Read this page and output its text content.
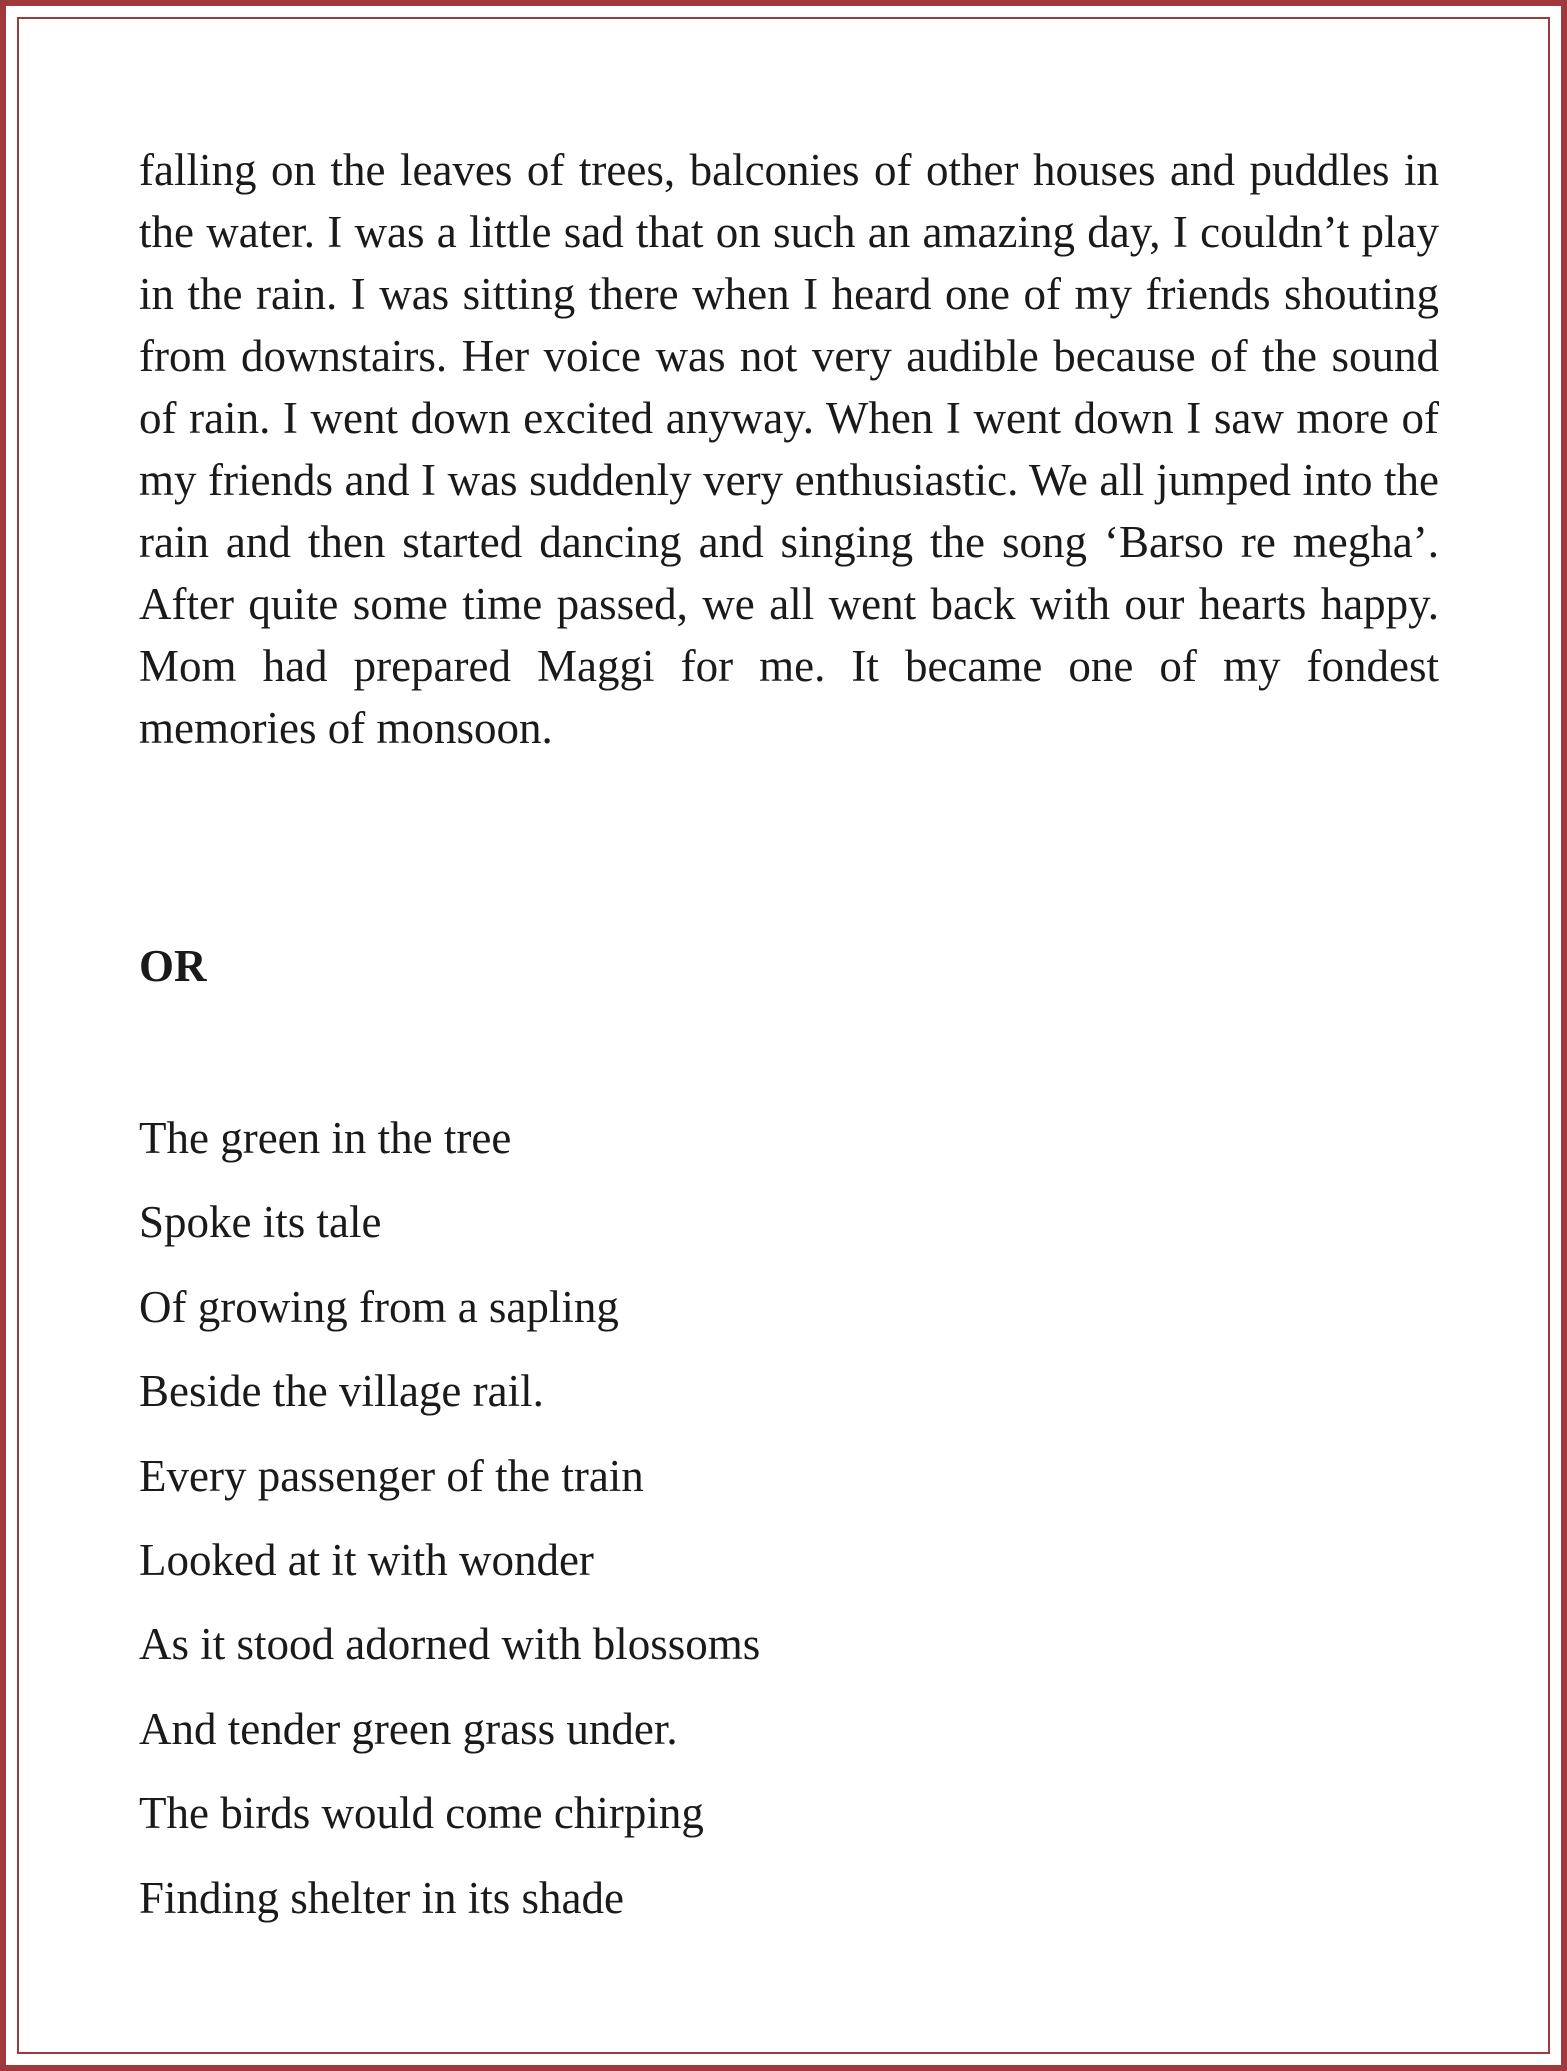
falling on the leaves of trees, balconies of other houses and puddles in the water. I was a little sad that on such an amazing day, I couldn’t play in the rain. I was sitting there when I heard one of my friends shouting from downstairs. Her voice was not very audible because of the sound of rain. I went down excited anyway. When I went down I saw more of my friends and I was suddenly very enthusiastic. We all jumped into the rain and then started dancing and singing the song ‘Barso re megha’. After quite some time passed, we all went back with our hearts happy. Mom had prepared Maggi for me. It became one of my fondest memories of monsoon.

OR

The green in the tree
Spoke its tale
Of growing from a sapling
Beside the village rail.
Every passenger of the train
Looked at it with wonder
As it stood adorned with blossoms
And tender green grass under.
The birds would come chirping
Finding shelter in its shade
